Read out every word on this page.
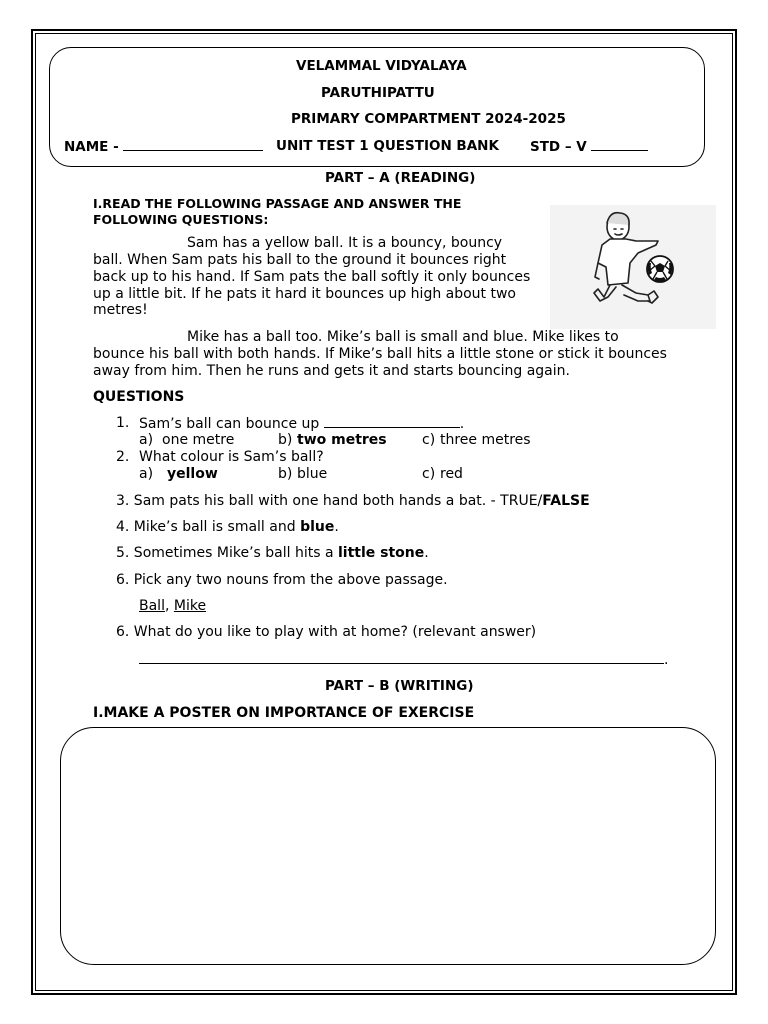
VELAMMAL VIDYALAYA
PARUTHIPATTU
PRIMARY COMPARTMENT 2024-2025
NAME -	UNIT TEST 1 QUESTION BANK STD – V
PART – A (READING)
I.READ THE FOLLOWING PASSAGE AND ANSWER THE
FOLLOWING QUESTIONS:
Sam has a yellow ball. It is a bouncy, bouncy
ball. When Sam pats his ball to the ground it bounces right
back up to his hand. If Sam pats the ball softly it only bounces
up a little bit. If he pats it hard it bounces up high about two
metres!
Mike has a ball too. Mike’s ball is small and blue. Mike likes to
bounce his ball with both hands. If Mike’s ball hits a little stone or stick it bounces
away from him. Then he runs and gets it and starts bouncing again.
QUESTIONS
1. Sam’s ball can bounce up	.
a) one metre	b) two metres	c) three metres
2. What colour is Sam’s ball?
a) yellow	b) blue	c) red
3. Sam pats his ball with one hand both hands a bat. - TRUE/FALSE
4. Mike’s ball is small and blue.
5. Sometimes Mike’s ball hits a little stone.
6. Pick any two nouns from the above passage.
Ball, Mike
6. What do you like to play with at home? (relevant answer)
.
PART – B (WRITING)
I.MAKE A POSTER ON IMPORTANCE OF EXERCISE
